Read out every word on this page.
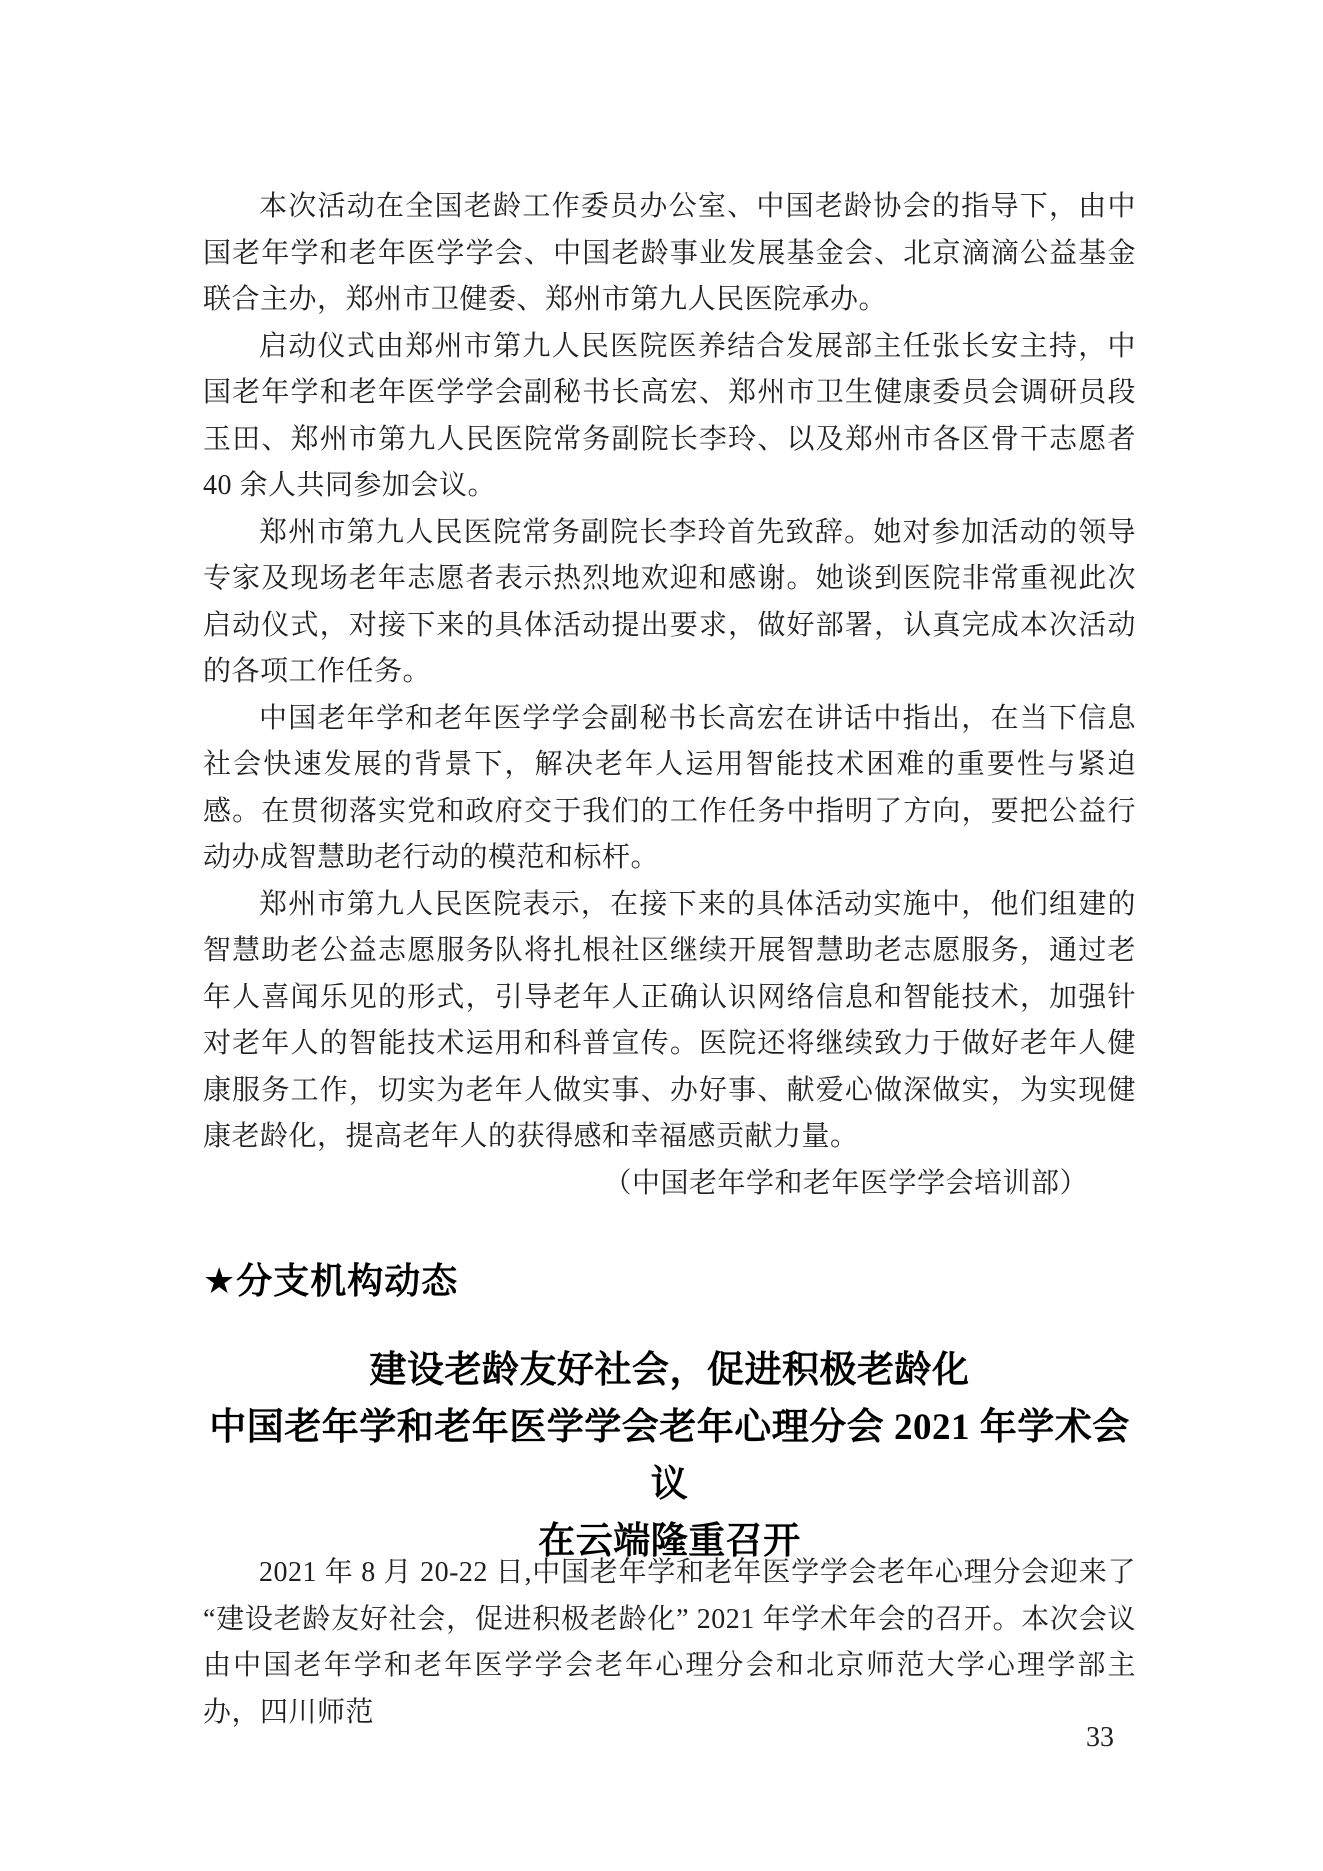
本次活动在全国老龄工作委员办公室、中国老龄协会的指导下，由中国老年学和老年医学学会、中国老龄事业发展基金会、北京滴滴公益基金联合主办，郑州市卫健委、郑州市第九人民医院承办。

启动仪式由郑州市第九人民医院医养结合发展部主任张长安主持，中国老年学和老年医学学会副秘书长高宏、郑州市卫生健康委员会调研员段玉田、郑州市第九人民医院常务副院长李玲、以及郑州市各区骨干志愿者 40 余人共同参加会议。

郑州市第九人民医院常务副院长李玲首先致辞。她对参加活动的领导专家及现场老年志愿者表示热烈地欢迎和感谢。她谈到医院非常重视此次启动仪式，对接下来的具体活动提出要求，做好部署，认真完成本次活动的各项工作任务。

中国老年学和老年医学学会副秘书长高宏在讲话中指出，在当下信息社会快速发展的背景下，解决老年人运用智能技术困难的重要性与紧迫感。在贯彻落实党和政府交于我们的工作任务中指明了方向，要把公益行动办成智慧助老行动的模范和标杆。

郑州市第九人民医院表示，在接下来的具体活动实施中，他们组建的智慧助老公益志愿服务队将扎根社区继续开展智慧助老志愿服务，通过老年人喜闻乐见的形式，引导老年人正确认识网络信息和智能技术，加强针对老年人的智能技术运用和科普宣传。医院还将继续致力于做好老年人健康服务工作，切实为老年人做实事、办好事、献爱心做深做实，为实现健康老龄化，提高老年人的获得感和幸福感贡献力量。

（中国老年学和老年医学学会培训部）

★分支机构动态
建设老龄友好社会，促进积极老龄化
中国老年学和老年医学学会老年心理分会 2021 年学术会议
在云端隆重召开

2021 年 8 月 20-22 日,中国老年学和老年医学学会老年心理分会迎来了“建设老龄友好社会，促进积极老龄化” 2021 年学术年会的召开。本次会议由中国老年学和老年医学学会老年心理分会和北京师范大学心理学部主办，四川师范

33
